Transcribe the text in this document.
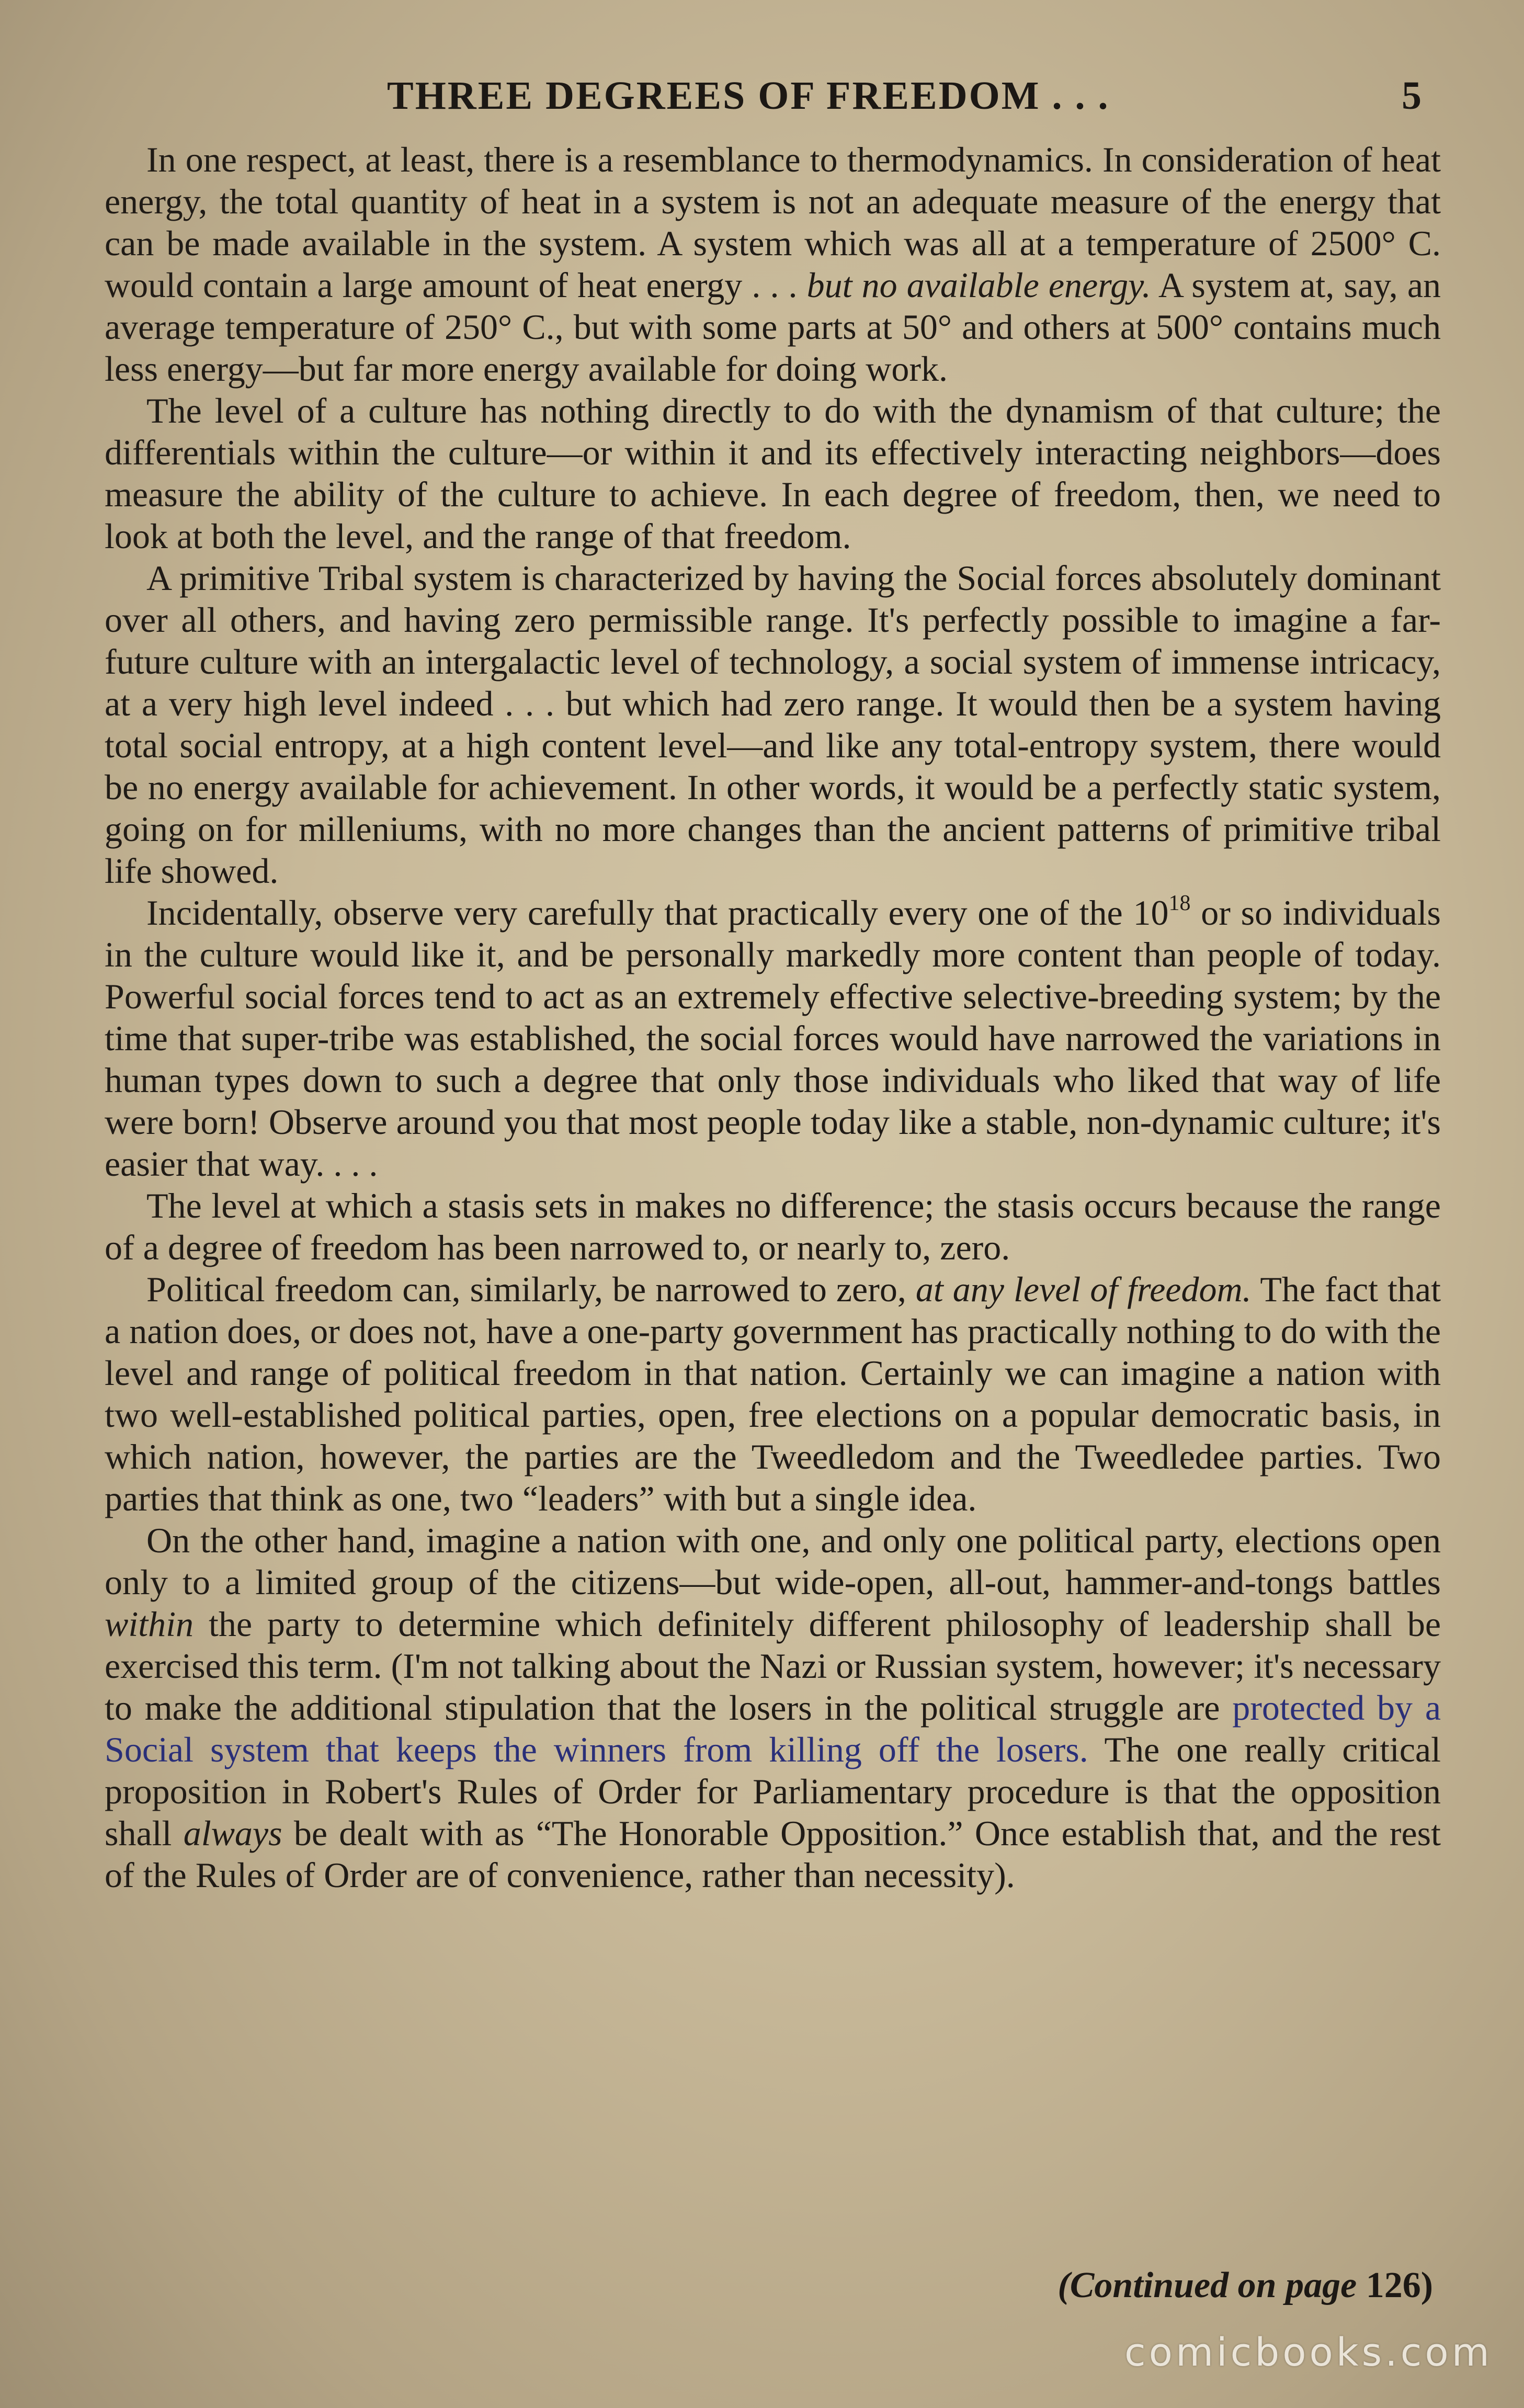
THREE DEGREES OF FREEDOM . . .	5

In one respect, at least, there is a resemblance to thermodynamics. In consideration of heat energy, the total quantity of heat in a system is not an adequate measure of the energy that can be made available in the system. A system which was all at a temperature of 2500° C. would contain a large amount of heat energy . . . but no available energy. A system at, say, an average temperature of 250° C., but with some parts at 50° and others at 500° contains much less energy—but far more energy available for doing work.

The level of a culture has nothing directly to do with the dynamism of that culture; the differentials within the culture—or within it and its effectively interacting neighbors—does measure the ability of the culture to achieve. In each degree of freedom, then, we need to look at both the level, and the range of that freedom.

A primitive Tribal system is characterized by having the Social forces absolutely dominant over all others, and having zero permissible range. It's perfectly possible to imagine a far-future culture with an intergalactic level of technology, a social system of immense intricacy, at a very high level indeed . . . but which had zero range. It would then be a system having total social entropy, at a high content level—and like any total-entropy system, there would be no energy available for achievement. In other words, it would be a perfectly static system, going on for milleniums, with no more changes than the ancient patterns of primitive tribal life showed.

Incidentally, observe very carefully that practically every one of the $10^{18}$ or so individuals in the culture would like it, and be personally markedly more content than people of today. Powerful social forces tend to act as an extremely effective selective-breeding system; by the time that super-tribe was established, the social forces would have narrowed the variations in human types down to such a degree that only those individuals who liked that way of life were born! Observe around you that most people today like a stable, non-dynamic culture; it's easier that way. . . .

The level at which a stasis sets in makes no difference; the stasis occurs because the range of a degree of freedom has been narrowed to, or nearly to, zero.

Political freedom can, similarly, be narrowed to zero, at any level of freedom. The fact that a nation does, or does not, have a one-party government has practically nothing to do with the level and range of political freedom in that nation. Certainly we can imagine a nation with two well-established political parties, open, free elections on a popular democratic basis, in which nation, however, the parties are the Tweedledom and the Tweedledee parties. Two parties that think as one, two “leaders” with but a single idea.

On the other hand, imagine a nation with one, and only one political party, elections open only to a limited group of the citizens—but wide-open, all-out, hammer-and-tongs battles within the party to determine which definitely different philosophy of leadership shall be exercised this term. (I'm not talking about the Nazi or Russian system, however; it's necessary to make the additional stipulation that the losers in the political struggle are protected by a Social system that keeps the winners from killing off the losers. The one really critical proposition in Robert's Rules of Order for Parliamentary procedure is that the opposition shall always be dealt with as “The Honorable Opposition.” Once establish that, and the rest of the Rules of Order are of convenience, rather than necessity).

(Continued on page 126)
comicbooks.com
